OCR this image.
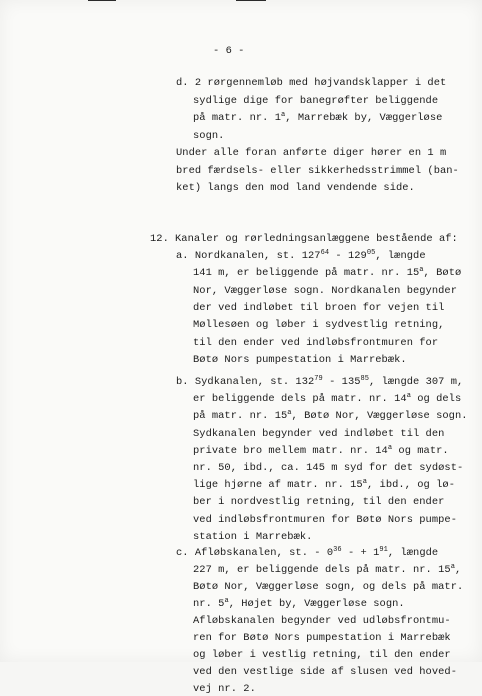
- 6 -
d. 2 rørgennemløb med højvandsklapper i det
sydlige dige for banegrøfter beliggende
på matr. nr. 1$^a$, Marrebæk by, Væggerløse
sogn.
Under alle foran anførte diger hører en 1 m
bred færdsels- eller sikkerhedsstrimmel (ban-
ket) langs den mod land vendende side.
12. Kanaler og rørledningsanlæggene bestående af:
a. Nordkanalen, st. $127^{64} - 129^{05}$, længde
141 m, er beliggende på matr. nr. 15$^a$, Bøtø
Nor, Væggerløse sogn. Nordkanalen begynder
der ved indløbet til broen for vejen til
Møllesøen og løber i sydvestlig retning,
til den ender ved indløbsfrontmuren for
Bøtø Nors pumpestation i Marrebæk.
b. Sydkanalen, st. $132^{79} - 135^{85}$, længde 307 m,
er beliggende dels på matr. nr. 14$^a$ og dels
på matr. nr. 15$^a$, Bøtø Nor, Væggerløse sogn.
Sydkanalen begynder ved indløbet til den
private bro mellem matr. nr. 14$^a$ og matr.
nr. 50, ibd., ca. 145 m syd for det sydøst-
lige hjørne af matr. nr. 15$^a$, ibd., og lø-
ber i nordvestlig retning, til den ender
ved indløbsfrontmuren for Bøtø Nors pumpe-
station i Marrebæk.
c. Afløbskanalen, st. - $0^{36}$ - + $1^{91}$, længde
227 m, er beliggende dels på matr. nr. 15$^a$,
Bøtø Nor, Væggerløse sogn, og dels på matr.
nr. 5$^a$, Højet by, Væggerløse sogn.
Afløbskanalen begynder ved udløbsfrontmu-
ren for Bøtø Nors pumpestation i Marrebæk
og løber i vestlig retning, til den ender
ved den vestlige side af slusen ved hoved-
vej nr. 2.
